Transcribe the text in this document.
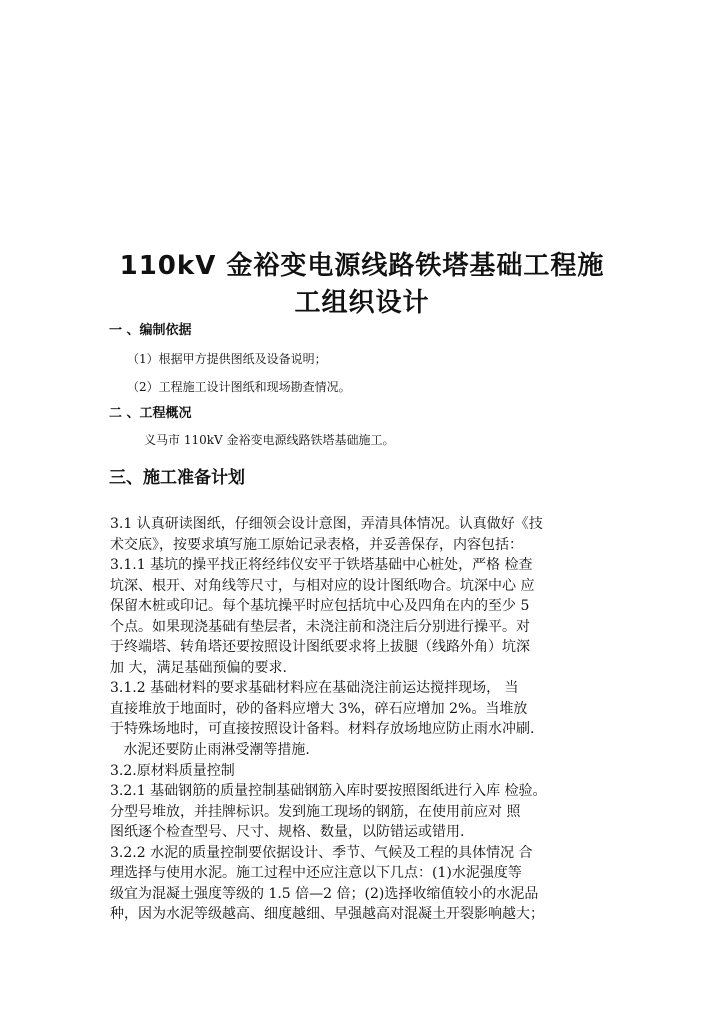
110kV 金裕变电源线路铁塔基础工程施
工组织设计
一 、编制依据
（1）根据甲方提供图纸及设备说明；
（2）工程施工设计图纸和现场勘查情况。
二 、工程概况
义马市 110kV 金裕变电源线路铁塔基础施工。
三、施工准备计划
3.1 认真研读图纸，仔细领会设计意图，弄清具体情况。认真做好《技
术交底》，按要求填写施工原始记录表格，并妥善保存，内容包括：
3.1.1 基坑的操平找正将经纬仪安平于铁塔基础中心桩处，严格 检查
坑深、根开、对角线等尺寸，与相对应的设计图纸吻合。坑深中心 应
保留木桩或印记。每个基坑操平时应包括坑中心及四角在内的至少 5
个点。如果现浇基础有垫层者，未浇注前和浇注后分别进行操平。对
于终端塔、转角塔还要按照设计图纸要求将上拔腿（线路外角）坑深
加 大，满足基础预偏的要求.
3.1.2 基础材料的要求基础材料应在基础浇注前运达搅拌现场， 当
直接堆放于地面时，砂的备料应增大 3%，碎石应增加 2%。当堆放
于特殊场地时，可直接按照设计备料。材料存放场地应防止雨水冲刷.
水泥还要防止雨淋受潮等措施.
3.2.原材料质量控制
3.2.1 基础钢筋的质量控制基础钢筋入库时要按照图纸进行入库 检验。
分型号堆放，并挂牌标识。发到施工现场的钢筋，在使用前应对 照
图纸逐个检查型号、尺寸、规格、数量，以防错运或错用.
3.2.2 水泥的质量控制要依据设计、季节、气候及工程的具体情况 合
理选择与使用水泥。施工过程中还应注意以下几点：(1)水泥强度等
级宜为混凝土强度等级的 1.5 倍—2 倍；(2)选择收缩值较小的水泥品
种，因为水泥等级越高、细度越细、早强越高对混凝土开裂影响越大；
